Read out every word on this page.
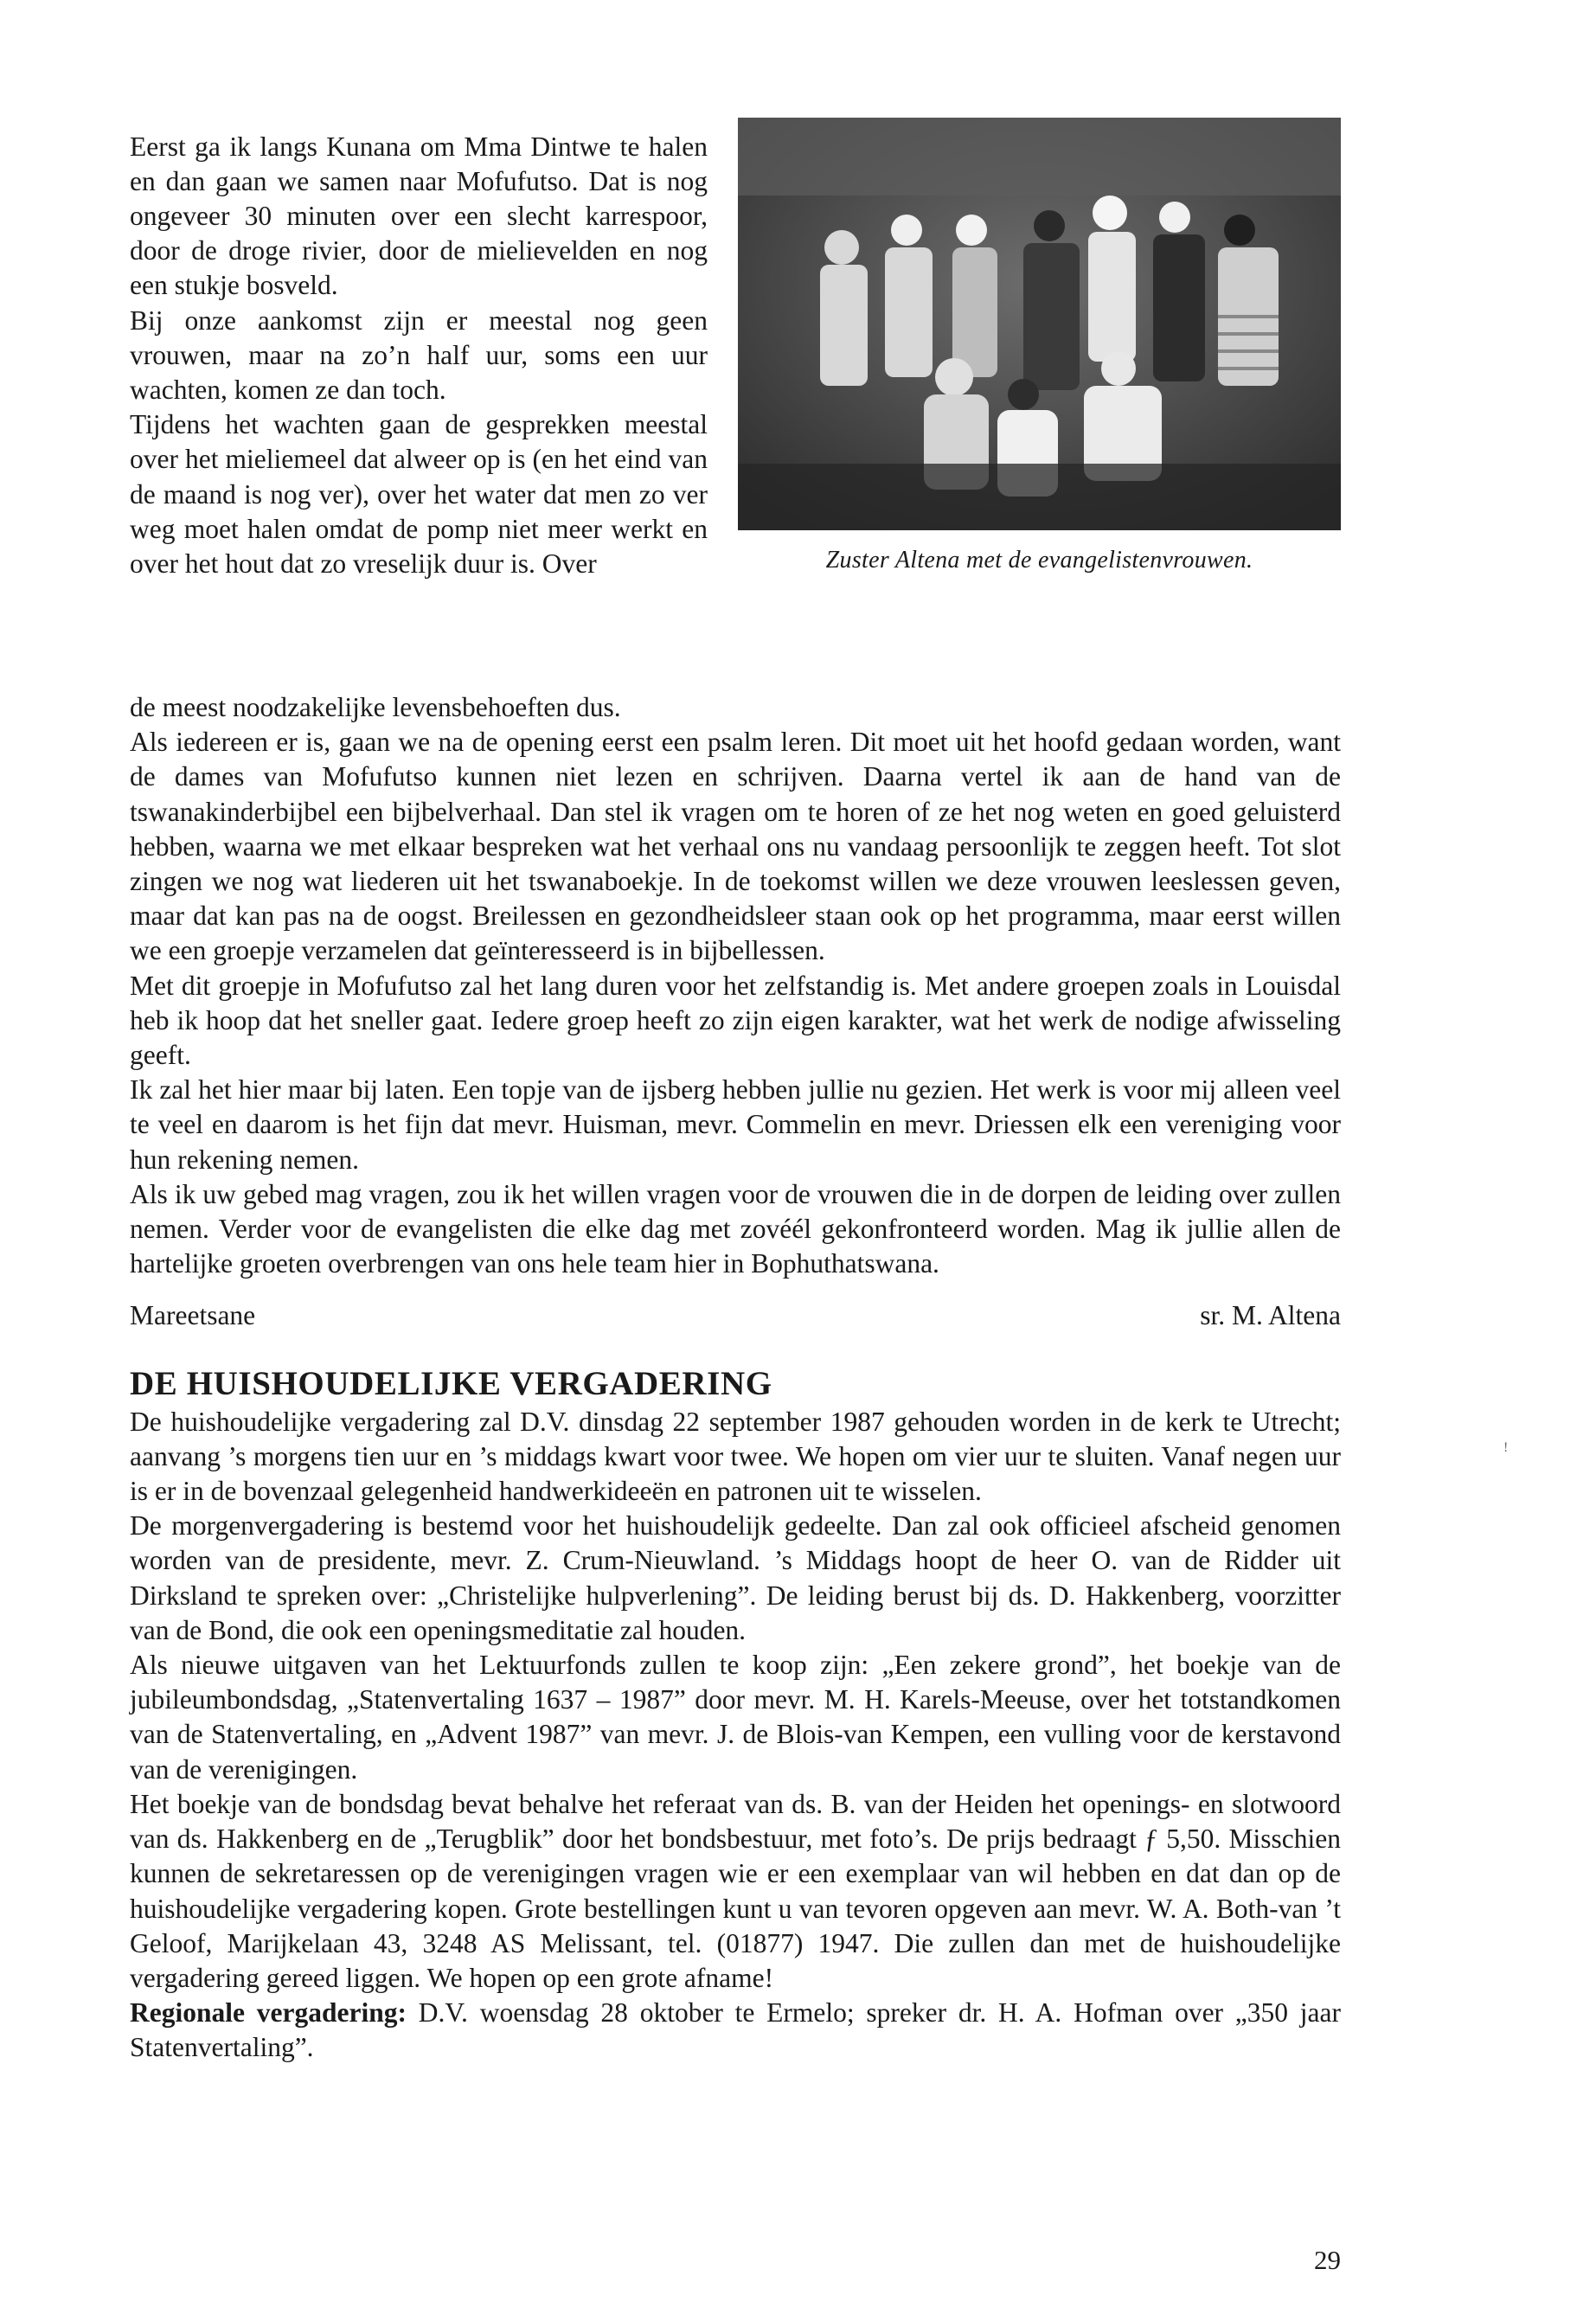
Eerst ga ik langs Kunana om Mma Dintwe te halen en dan gaan we samen naar Mofufutso. Dat is nog ongeveer 30 minuten over een slecht karrespoor, door de droge rivier, door de mielievelden en nog een stukje bosveld.
Bij onze aankomst zijn er meestal nog geen vrouwen, maar na zo’n half uur, soms een uur wachten, komen ze dan toch.
Tijdens het wachten gaan de gesprekken meestal over het mieliemeel dat alweer op is (en het eind van de maand is nog ver), over het water dat men zo ver weg moet halen omdat de pomp niet meer werkt en over het hout dat zo vreselijk duur is. Over	Zuster Altena met de evangelistenvrouwen.

de meest noodzakelijke levensbehoeften dus.

Als iedereen er is, gaan we na de opening eerst een psalm leren. Dit moet uit het hoofd gedaan worden, want de dames van Mofufutso kunnen niet lezen en schrijven. Daarna vertel ik aan de hand van de tswanakinderbijbel een bijbelverhaal. Dan stel ik vragen om te horen of ze het nog weten en goed geluisterd hebben, waarna we met elkaar bespreken wat het verhaal ons nu vandaag persoonlijk te zeggen heeft. Tot slot zingen we nog wat liederen uit het tswanaboekje. In de toekomst willen we deze vrouwen leeslessen geven, maar dat kan pas na de oogst. Breilessen en gezondheidsleer staan ook op het programma, maar eerst willen we een groepje verzamelen dat geïnteresseerd is in bijbellessen.

Met dit groepje in Mofufutso zal het lang duren voor het zelfstandig is. Met andere groepen zoals in Louisdal heb ik hoop dat het sneller gaat. Iedere groep heeft zo zijn eigen karakter, wat het werk de nodige afwisseling geeft.

Ik zal het hier maar bij laten. Een topje van de ijsberg hebben jullie nu gezien. Het werk is voor mij alleen veel te veel en daarom is het fijn dat mevr. Huisman, mevr. Commelin en mevr. Driessen elk een vereniging voor hun rekening nemen.

Als ik uw gebed mag vragen, zou ik het willen vragen voor de vrouwen die in de dorpen de leiding over zullen nemen. Verder voor de evangelisten die elke dag met zovéél gekonfronteerd worden. Mag ik jullie allen de hartelijke groeten overbrengen van ons hele team hier in Bophuthatswana.

Mareetsane	sr. M. Altena
DE HUISHOUDELIJKE VERGADERING

De huishoudelijke vergadering zal D.V. dinsdag 22 september 1987 gehouden worden in de kerk te Utrecht; aanvang ’s morgens tien uur en ’s middags kwart voor twee. We hopen om vier uur te sluiten. Vanaf negen uur is er in de bovenzaal gelegenheid handwerkideeën en patronen uit te wisselen.

De morgenvergadering is bestemd voor het huishoudelijk gedeelte. Dan zal ook officieel afscheid genomen worden van de presidente, mevr. Z. Crum-Nieuwland. ’s Middags hoopt de heer O. van de Ridder uit Dirksland te spreken over: „Christelijke hulpverlening”. De leiding berust bij ds. D. Hakkenberg, voorzitter van de Bond, die ook een openingsmeditatie zal houden.

Als nieuwe uitgaven van het Lektuurfonds zullen te koop zijn: „Een zekere grond”, het boekje van de jubileumbondsdag, „Statenvertaling 1637 – 1987” door mevr. M. H. Karels-Meeuse, over het totstandkomen van de Statenvertaling, en „Advent 1987” van mevr. J. de Blois-van Kempen, een vulling voor de kerstavond van de verenigingen.

Het boekje van de bondsdag bevat behalve het referaat van ds. B. van der Heiden het openings- en slotwoord van ds. Hakkenberg en de „Terugblik” door het bondsbestuur, met foto’s. De prijs bedraagt ƒ 5,50. Misschien kunnen de sekretaressen op de verenigingen vragen wie er een exemplaar van wil hebben en dat dan op de huishoudelijke vergadering kopen. Grote bestellingen kunt u van tevoren opgeven aan mevr. W. A. Both-van ’t Geloof, Marijkelaan 43, 3248 AS Melissant, tel. (01877) 1947. Die zullen dan met de huishoudelijke vergadering gereed liggen. We hopen op een grote afname!

Regionale vergadering: D.V. woensdag 28 oktober te Ermelo; spreker dr. H. A. Hofman over „350 jaar Statenvertaling”.

!
29
